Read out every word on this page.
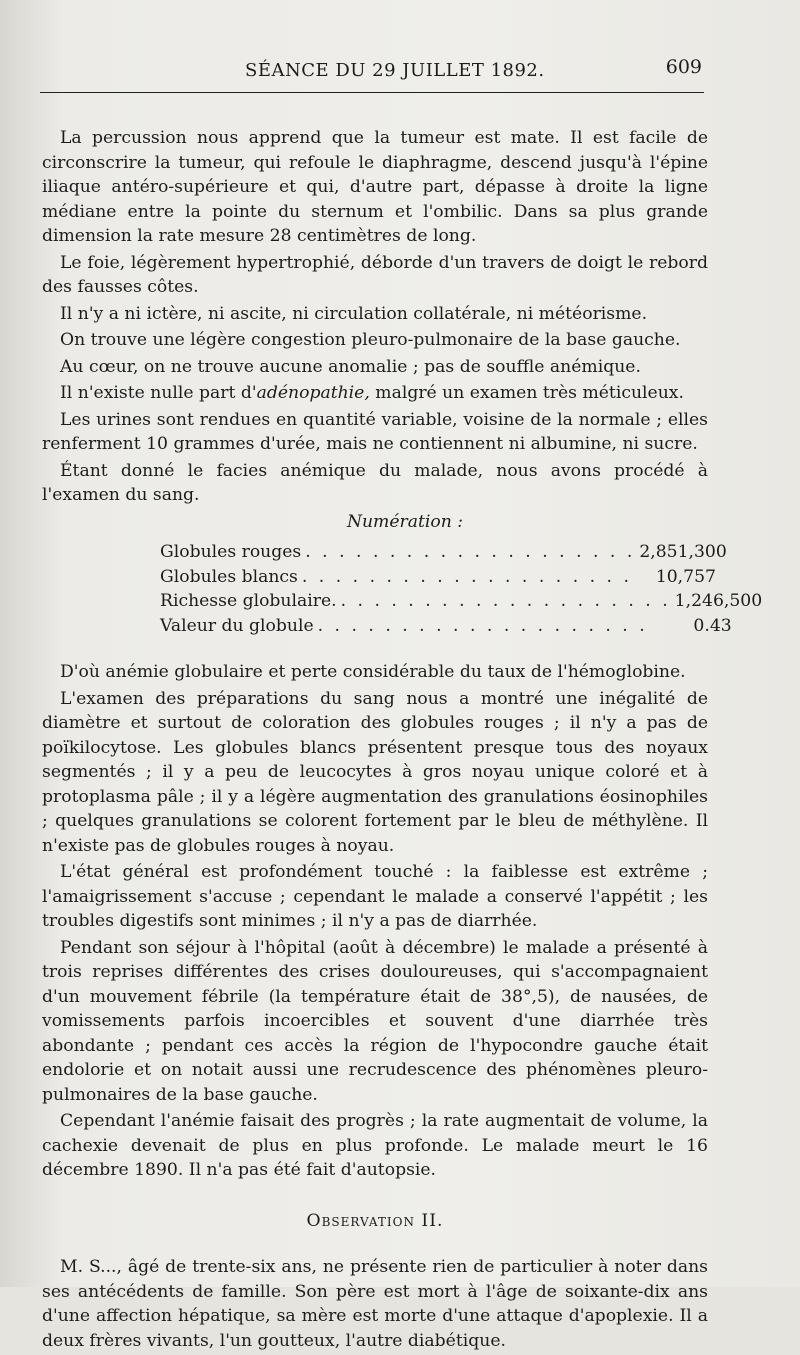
SÉANCE DU 29 JUILLET 1892.	609

La percussion nous apprend que la tumeur est mate. Il est facile de circonscrire la tumeur, qui refoule le diaphragme, descend jusqu'à l'épine iliaque antéro-supérieure et qui, d'autre part, dépasse à droite la ligne médiane entre la pointe du sternum et l'ombilic. Dans sa plus grande dimension la rate mesure 28 centimètres de long.

Le foie, légèrement hypertrophié, déborde d'un travers de doigt le rebord des fausses côtes.

Il n'y a ni ictère, ni ascite, ni circulation collatérale, ni météorisme.

On trouve une légère congestion pleuro-pulmonaire de la base gauche.

Au cœur, on ne trouve aucune anomalie ; pas de souffle anémique.

Il n'existe nulle part d'adénopathie, malgré un examen très méticuleux.

Les urines sont rendues en quantité variable, voisine de la normale ; elles renferment 10 grammes d'urée, mais ne contiennent ni albumine, ni sucre.

Étant donné le facies anémique du malade, nous avons procédé à l'examen du sang.

Numération :
Globules rouges . . . . . . . . . . . . . . . . . . . . 2,851,300
Globules blancs . . . . . . . . . . . . . . . . . . . .	10,757
Richesse globulaire. . . . . . . . . . . . . . . . . . . . . 1,246,500
Valeur du globule . . . . . . . . . . . . . . . . . . . .	0.43

D'où anémie globulaire et perte considérable du taux de l'hémoglobine.

L'examen des préparations du sang nous a montré une inégalité de diamètre et surtout de coloration des globules rouges ; il n'y a pas de poïkilocytose. Les globules blancs présentent presque tous des noyaux segmentés ; il y a peu de leucocytes à gros noyau unique coloré et à protoplasma pâle ; il y a légère augmentation des granulations éosinophiles ; quelques granulations se colorent fortement par le bleu de méthylène. Il n'existe pas de globules rouges à noyau.

L'état général est profondément touché : la faiblesse est extrême ; l'amaigrissement s'accuse ; cependant le malade a conservé l'appétit ; les troubles digestifs sont minimes ; il n'y a pas de diarrhée.

Pendant son séjour à l'hôpital (août à décembre) le malade a présenté à trois reprises différentes des crises douloureuses, qui s'accompagnaient d'un mouvement fébrile (la température était de 38°,5), de nausées, de vomissements parfois incoercibles et souvent d'une diarrhée très abondante ; pendant ces accès la région de l'hypocondre gauche était endolorie et on notait aussi une recrudescence des phénomènes pleuro-pulmonaires de la base gauche.

Cependant l'anémie faisait des progrès ; la rate augmentait de volume, la cachexie devenait de plus en plus profonde. Le malade meurt le 16 décembre 1890. Il n'a pas été fait d'autopsie.

Observation II.

M. S..., âgé de trente-six ans, ne présente rien de particulier à noter dans ses antécédents de famille. Son père est mort à l'âge de soixante-dix ans d'une affection hépatique, sa mère est morte d'une attaque d'apoplexie. Il a deux frères vivants, l'un goutteux, l'autre diabétique.
